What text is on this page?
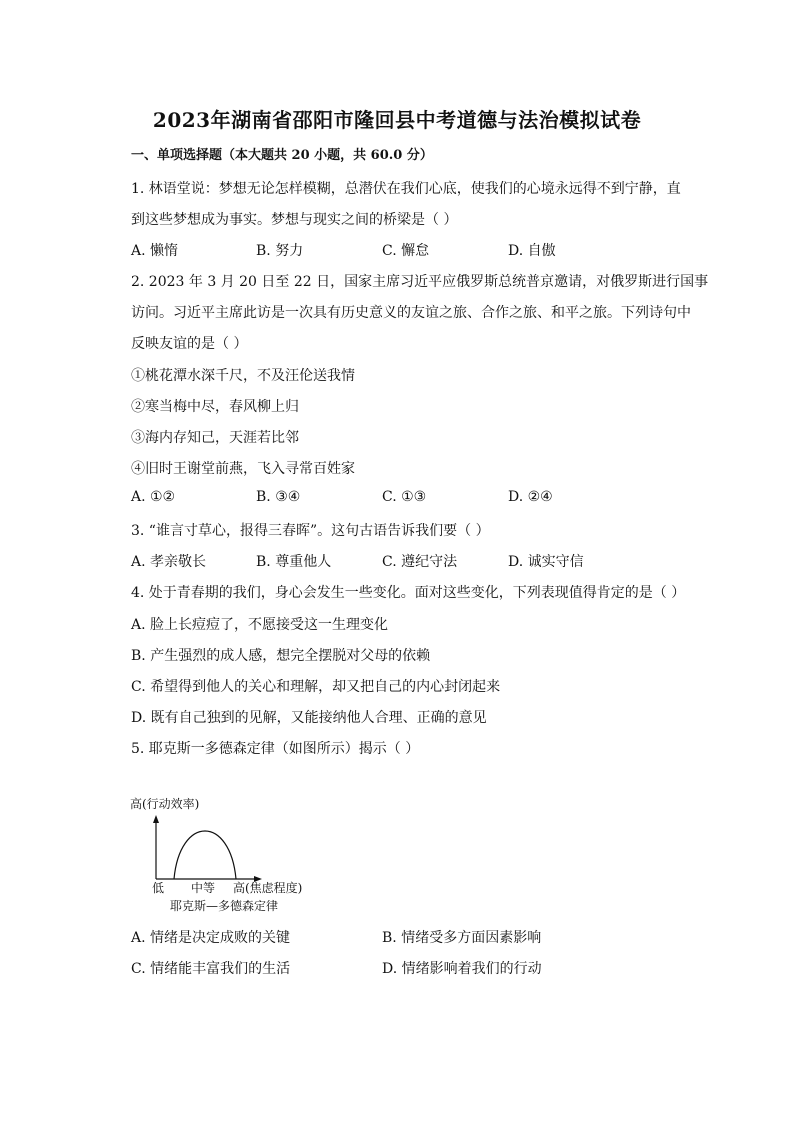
2023年湖南省邵阳市隆回县中考道德与法治模拟试卷
一、单项选择题（本大题共 20 小题，共 60.0 分）
1. 林语堂说：梦想无论怎样模糊，总潜伏在我们心底，使我们的心境永远得不到宁静，直
到这些梦想成为事实。梦想与现实之间的桥梁是（ ）
A. 懒惰	B. 努力	C. 懈怠	D. 自傲
2. 2023 年 3 月 20 日至 22 日，国家主席习近平应俄罗斯总统普京邀请，对俄罗斯进行国事
访问。习近平主席此访是一次具有历史意义的友谊之旅、合作之旅、和平之旅。下列诗句中
反映友谊的是（ ）
①桃花潭水深千尺，不及汪伦送我情
②寒当梅中尽，春风柳上归
③海内存知己，天涯若比邻
④旧时王谢堂前燕，飞入寻常百姓家
A. ①②	B. ③④	C. ①③	D. ②④
3. “谁言寸草心，报得三春晖”。这句古语告诉我们要（ ）
A. 孝亲敬长	B. 尊重他人	C. 遵纪守法	D. 诚实守信
4. 处于青春期的我们，身心会发生一些变化。面对这些变化，下列表现值得肯定的是（ ）
A. 脸上长痘痘了，不愿接受这一生理变化
B. 产生强烈的成人感，想完全摆脱对父母的依赖
C. 希望得到他人的关心和理解，却又把自己的内心封闭起来
D. 既有自己独到的见解，又能接纳他人合理、正确的意见
5. 耶克斯一多德森定律（如图所示）揭示（ ）
高(行动效率)
低 中等 高(焦虑程度)
耶克斯—多德森定律
A. 情绪是决定成败的关键	B. 情绪受多方面因素影响
C. 情绪能丰富我们的生活	D. 情绪影响着我们的行动
